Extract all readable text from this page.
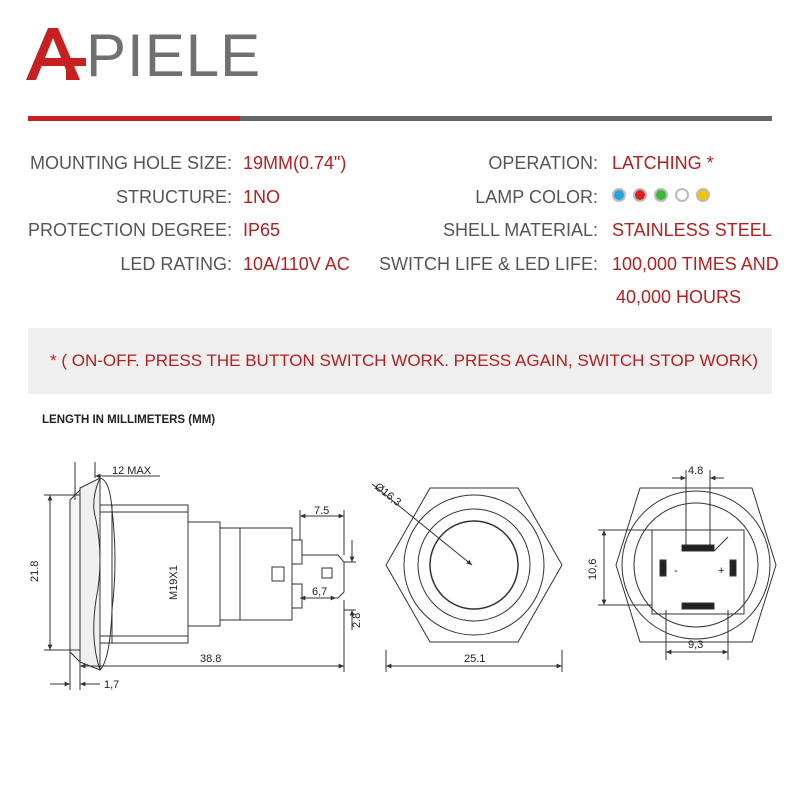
PIELE
MOUNTING HOLE SIZE: 19MM(0.74")
STRUCTURE: 1NO
PROTECTION DEGREE: IP65
LED RATING: 10A/110V AC
OPERATION: LATCHING *
LAMP COLOR:
SHELL MATERIAL: STAINLESS STEEL
SWITCH LIFE & LED LIFE: 100,000 TIMES AND
40,000 HOURS
* ( ON-OFF. PRESS THE BUTTON SWITCH WORK. PRESS AGAIN, SWITCH STOP WORK)
LENGTH IN MILLIMETERS (MM)
12 MAX
21.8	M19X1
7.5
6,7
2.8
38.8
1,7
Ø16,3
25.1
4.8
10,6
9,3
-	+
